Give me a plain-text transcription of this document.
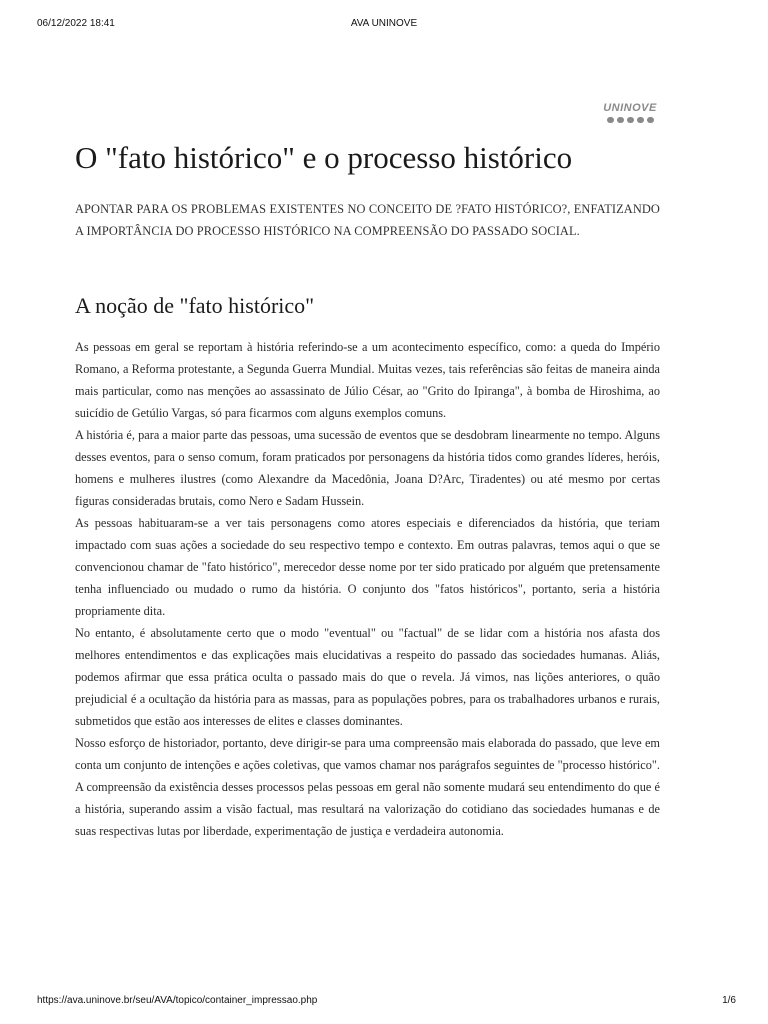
06/12/2022 18:41	AVA UNINOVE
UNINOVE
O "fato histórico" e o processo histórico

APONTAR PARA OS PROBLEMAS EXISTENTES NO CONCEITO DE ?FATO HISTÓRICO?, ENFATIZANDO A IMPORTÂNCIA DO PROCESSO HISTÓRICO NA COMPREENSÃO DO PASSADO SOCIAL.

A noção de "fato histórico"

As pessoas em geral se reportam à história referindo-se a um acontecimento específico, como: a queda do Império Romano, a Reforma protestante, a Segunda Guerra Mundial. Muitas vezes, tais referências são feitas de maneira ainda mais particular, como nas menções ao assassinato de Júlio César, ao "Grito do Ipiranga", à bomba de Hiroshima, ao suicídio de Getúlio Vargas, só para ficarmos com alguns exemplos comuns.

A história é, para a maior parte das pessoas, uma sucessão de eventos que se desdobram linearmente no tempo. Alguns desses eventos, para o senso comum, foram praticados por personagens da história tidos como grandes líderes, heróis, homens e mulheres ilustres (como Alexandre da Macedônia, Joana D?Arc, Tiradentes) ou até mesmo por certas figuras consideradas brutais, como Nero e Sadam Hussein.

As pessoas habituaram-se a ver tais personagens como atores especiais e diferenciados da história, que teriam impactado com suas ações a sociedade do seu respectivo tempo e contexto. Em outras palavras, temos aqui o que se convencionou chamar de "fato histórico", merecedor desse nome por ter sido praticado por alguém que pretensamente tenha influenciado ou mudado o rumo da história. O conjunto dos "fatos históricos", portanto, seria a história propriamente dita.

No entanto, é absolutamente certo que o modo "eventual" ou "factual" de se lidar com a história nos afasta dos melhores entendimentos e das explicações mais elucidativas a respeito do passado das sociedades humanas. Aliás, podemos afirmar que essa prática oculta o passado mais do que o revela. Já vimos, nas lições anteriores, o quão prejudicial é a ocultação da história para as massas, para as populações pobres, para os trabalhadores urbanos e rurais, submetidos que estão aos interesses de elites e classes dominantes.

Nosso esforço de historiador, portanto, deve dirigir-se para uma compreensão mais elaborada do passado, que leve em conta um conjunto de intenções e ações coletivas, que vamos chamar nos parágrafos seguintes de "processo histórico". A compreensão da existência desses processos pelas pessoas em geral não somente mudará seu entendimento do que é a história, superando assim a visão factual, mas resultará na valorização do cotidiano das sociedades humanas e de suas respectivas lutas por liberdade, experimentação de justiça e verdadeira autonomia.

https://ava.uninove.br/seu/AVA/topico/container_impressao.php	1/6
